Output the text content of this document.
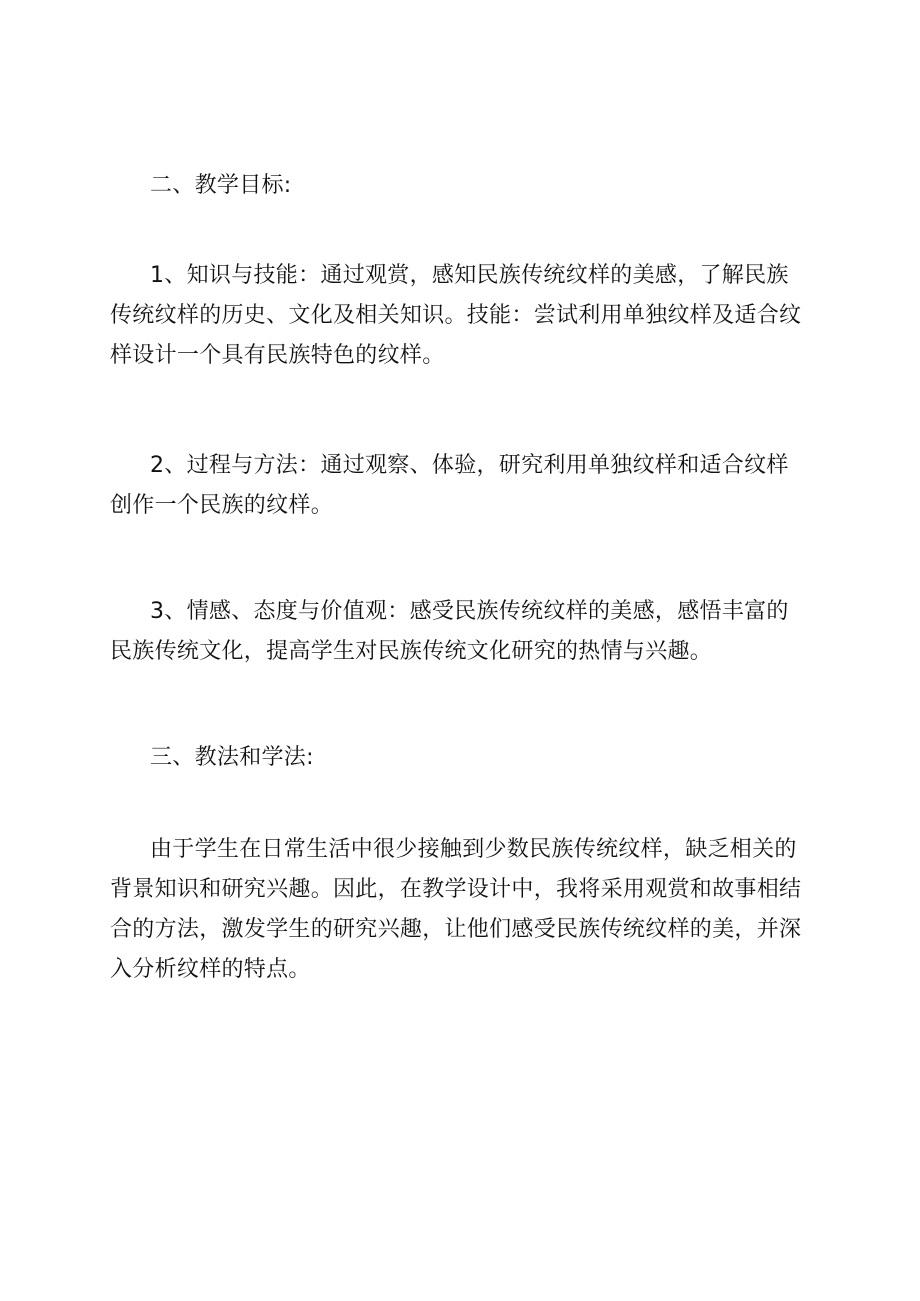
二、教学目标:

1、知识与技能：通过观赏，感知民族传统纹样的美感，了解民族
传统纹样的历史、文化及相关知识。技能：尝试利用单独纹样及适合纹
样设计一个具有民族特色的纹样。
2、过程与方法：通过观察、体验，研究利用单独纹样和适合纹样
创作一个民族的纹样。
3、情感、态度与价值观：感受民族传统纹样的美感，感悟丰富的
民族传统文化，提高学生对民族传统文化研究的热情与兴趣。

三、教法和学法:

由于学生在日常生活中很少接触到少数民族传统纹样，缺乏相关的
背景知识和研究兴趣。因此，在教学设计中，我将采用观赏和故事相结
合的方法，激发学生的研究兴趣，让他们感受民族传统纹样的美，并深
入分析纹样的特点。
